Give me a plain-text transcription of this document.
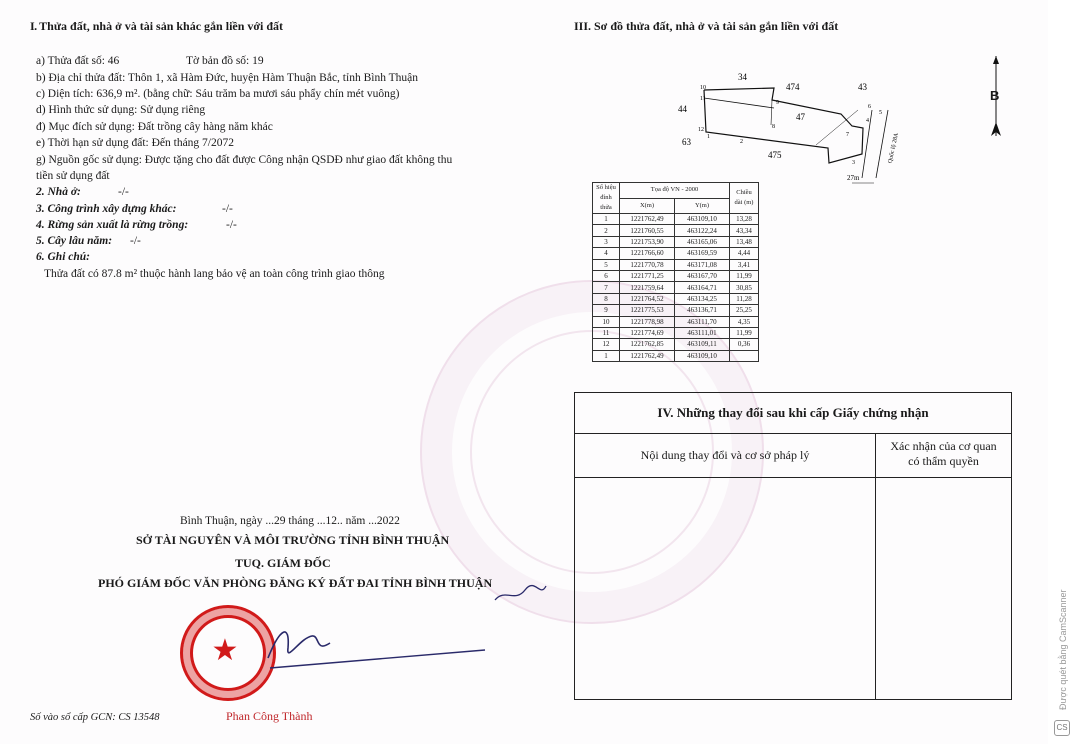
I. Thửa đất, nhà ở và tài sản khác gắn liền với đất
a) Thửa đất số: 46	Tờ bản đồ số: 19
b) Địa chỉ thửa đất: Thôn 1, xã Hàm Đức, huyện Hàm Thuận Bắc, tỉnh Bình Thuận
c) Diện tích: 636,9 m². (bằng chữ: Sáu trăm ba mươi sáu phẩy chín mét vuông)
d) Hình thức sử dụng: Sử dụng riêng
đ) Mục đích sử dụng: Đất trồng cây hàng năm khác
e) Thời hạn sử dụng đất: Đến tháng 7/2072
g) Nguồn gốc sử dụng: Được tặng cho đất được Công nhận QSDĐ như giao đất không thu
tiền sử dụng đất
2. Nhà ở:	-/-
3. Công trình xây dựng khác:	-/-
4. Rừng sản xuất là rừng trồng:	-/-
5. Cây lâu năm: -/-
6. Ghi chú:
Thửa đất có 87.8 m² thuộc hành lang bảo vệ an toàn công trình giao thông
Bình Thuận, ngày ...29 tháng ...12.. năm ...2022
SỞ TÀI NGUYÊN VÀ MÔI TRƯỜNG TỈNH BÌNH THUẬN
TUQ. GIÁM ĐỐC
PHÓ GIÁM ĐỐC VĂN PHÒNG ĐĂNG KÝ ĐẤT ĐAI TỈNH BÌNH THUẬN
★
Phan Công Thành
Số vào sổ cấp GCN: CS 13548
III. Sơ đồ thửa đất, nhà ở và tài sản gắn liền với đất
34
474	43
44
47
63
475
27m
Quốc lộ 28A
10
11
12
1
2
9
8
7
6
5
4
3
B
Số hiệu đỉnh thửa	Tọa độ VN - 2000		Chiều dài (m)
	X(m)	Y(m)	
1	1221762,49	463109,10	13,28
2	1221760,55	463122,24	43,34
3	1221753,90	463165,06	13,48
4	1221766,60	463169,59	4,44
5	1221770,78	463171,08	3,41
6	1221771,25	463167,70	11,99
7	1221759,64	463164,71	30,85
8	1221764,52	463134,25	11,28
9	1221775,53	463136,71	25,25
10	1221778,98	463111,70	4,35
11	1221774,69	463111,01	11,99
12	1221762,85	463109,11	0,36
1	1221762,49	463109,10	
IV. Những thay đổi sau khi cấp Giấy chứng nhận
Nội dung thay đổi và cơ sở pháp lý
Xác nhận của cơ quan
có thẩm quyền
CS
Được quét bằng CamScanner
